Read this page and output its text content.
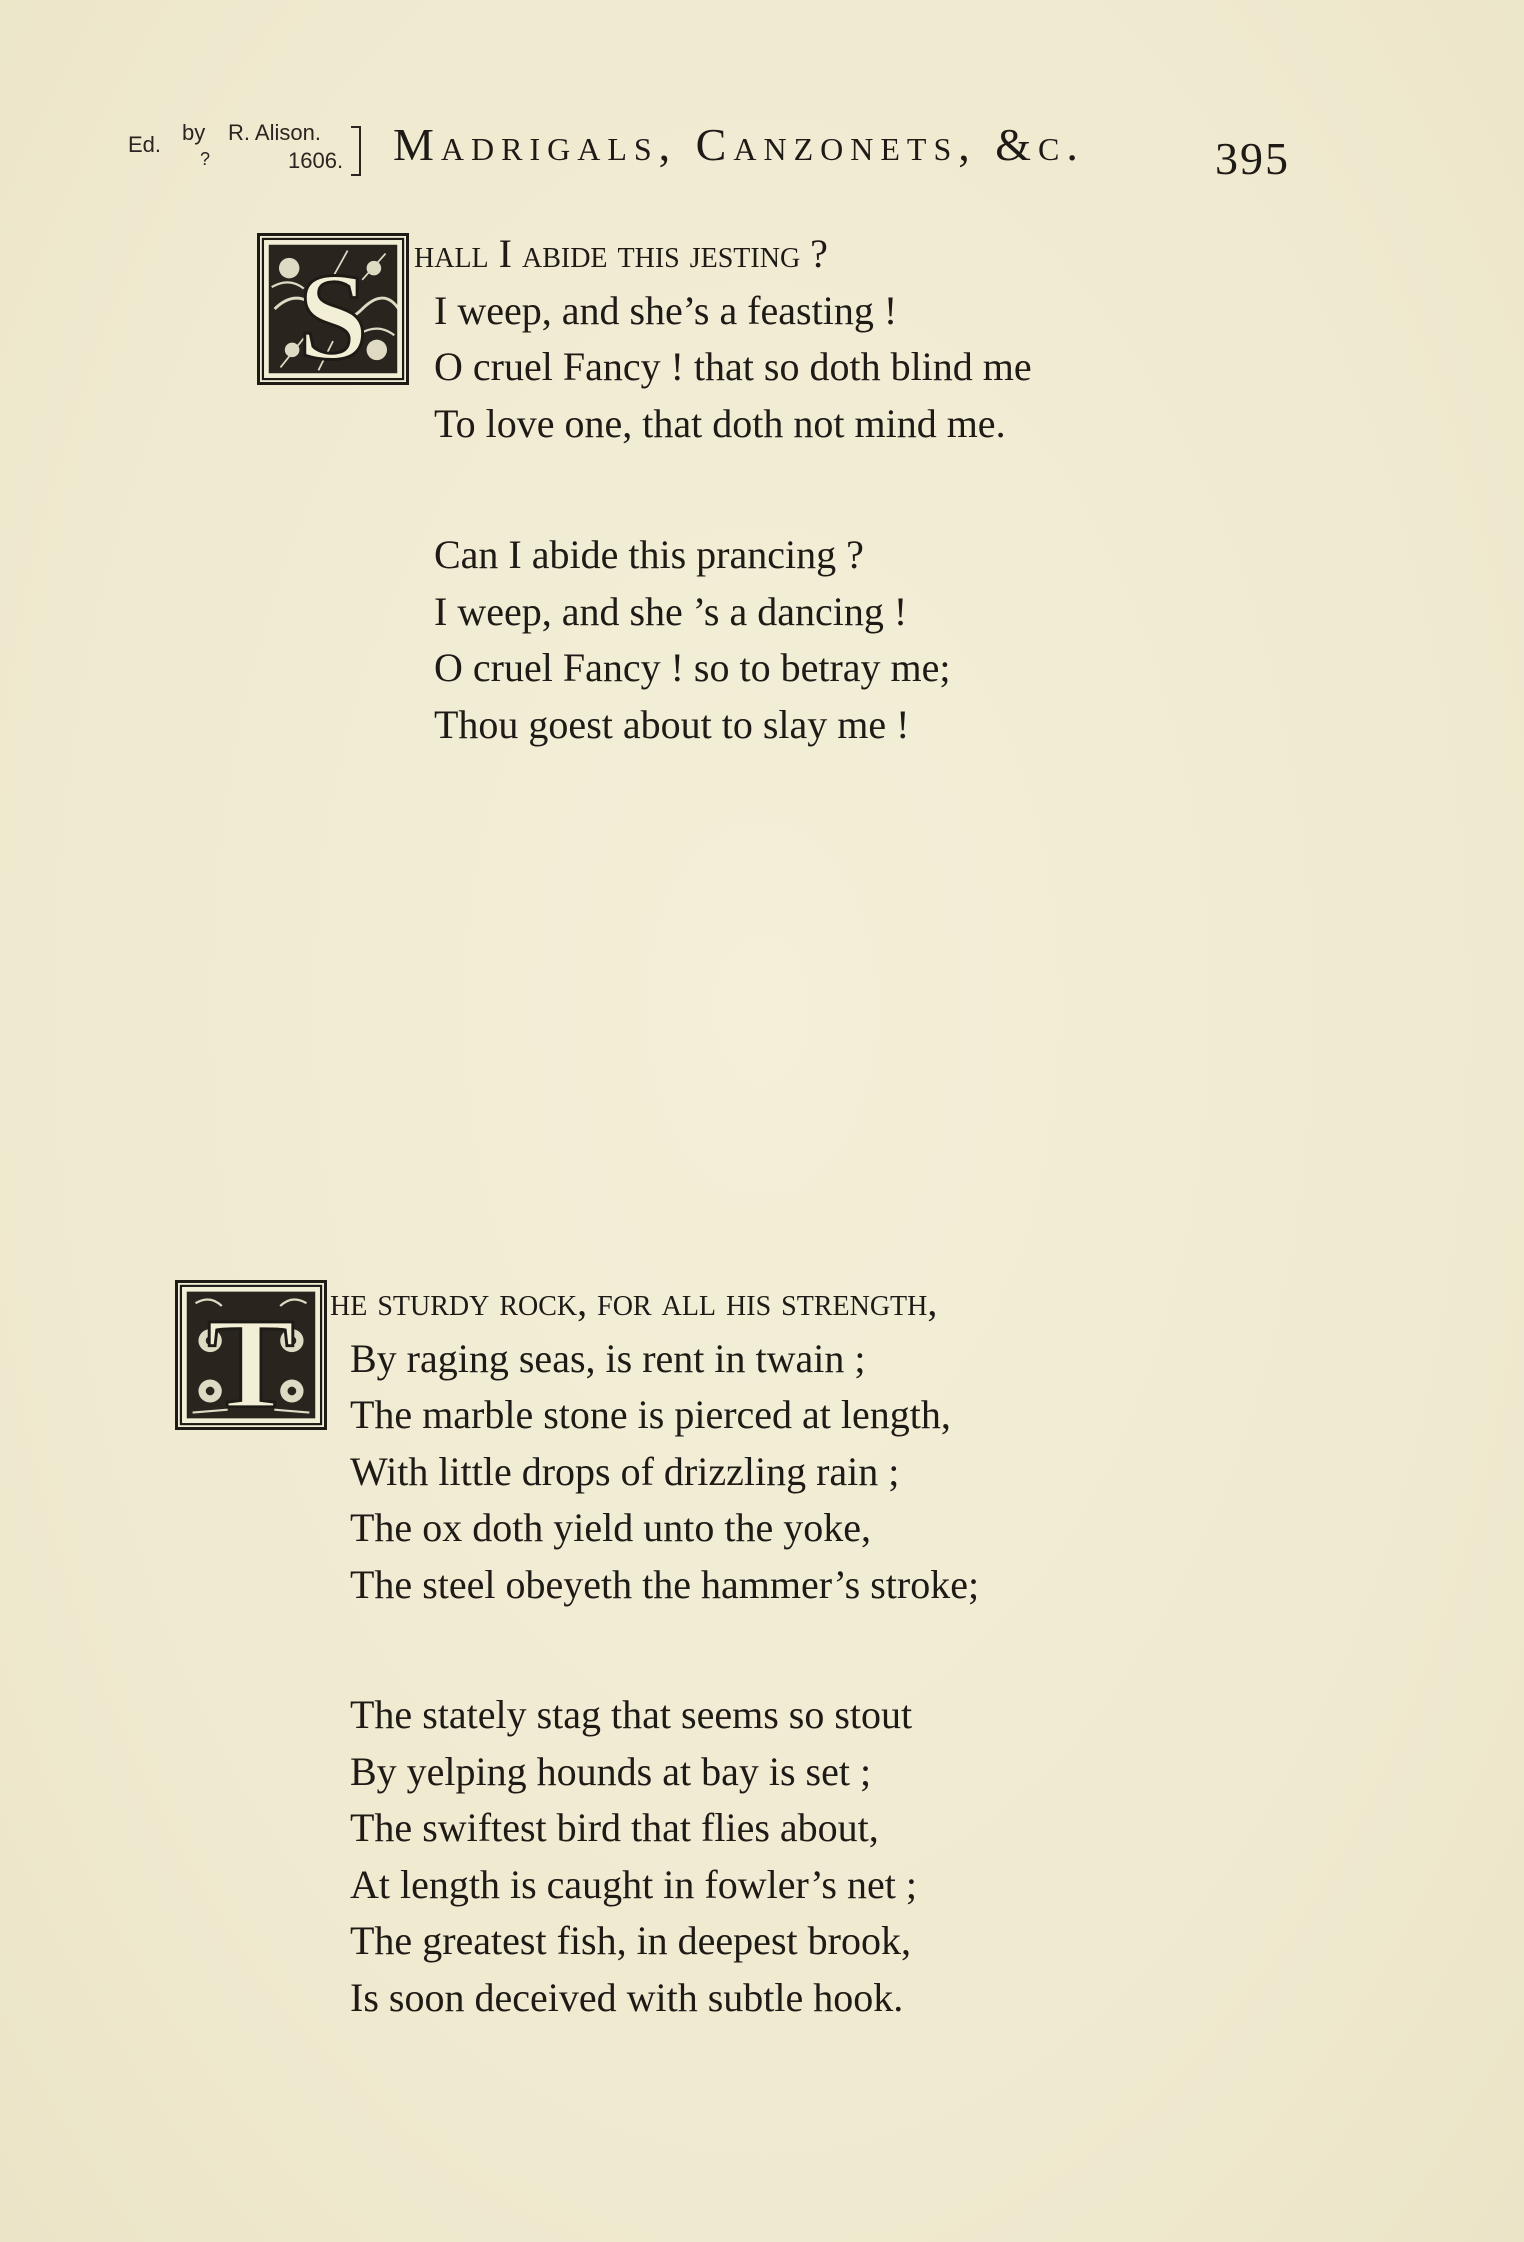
Ed. by
?
R. Alison.
1606. Madrigals, Canzonets, &c.	395
S hall I abide this jesting ?
I weep, and she’s a feasting !
O cruel Fancy ! that so doth blind me
To love one, that doth not mind me.
Can I abide this prancing ?
I weep, and she ’s a dancing !
O cruel Fancy ! so to betray me;
Thou goest about to slay me !
T he sturdy rock, for all his strength,
By raging seas, is rent in twain ;
The marble stone is pierced at length,
With little drops of drizzling rain ;
The ox doth yield unto the yoke,
The steel obeyeth the hammer’s stroke;
The stately stag that seems so stout
By yelping hounds at bay is set ;
The swiftest bird that flies about,
At length is caught in fowler’s net ;
The greatest fish, in deepest brook,
Is soon deceived with subtle hook.
